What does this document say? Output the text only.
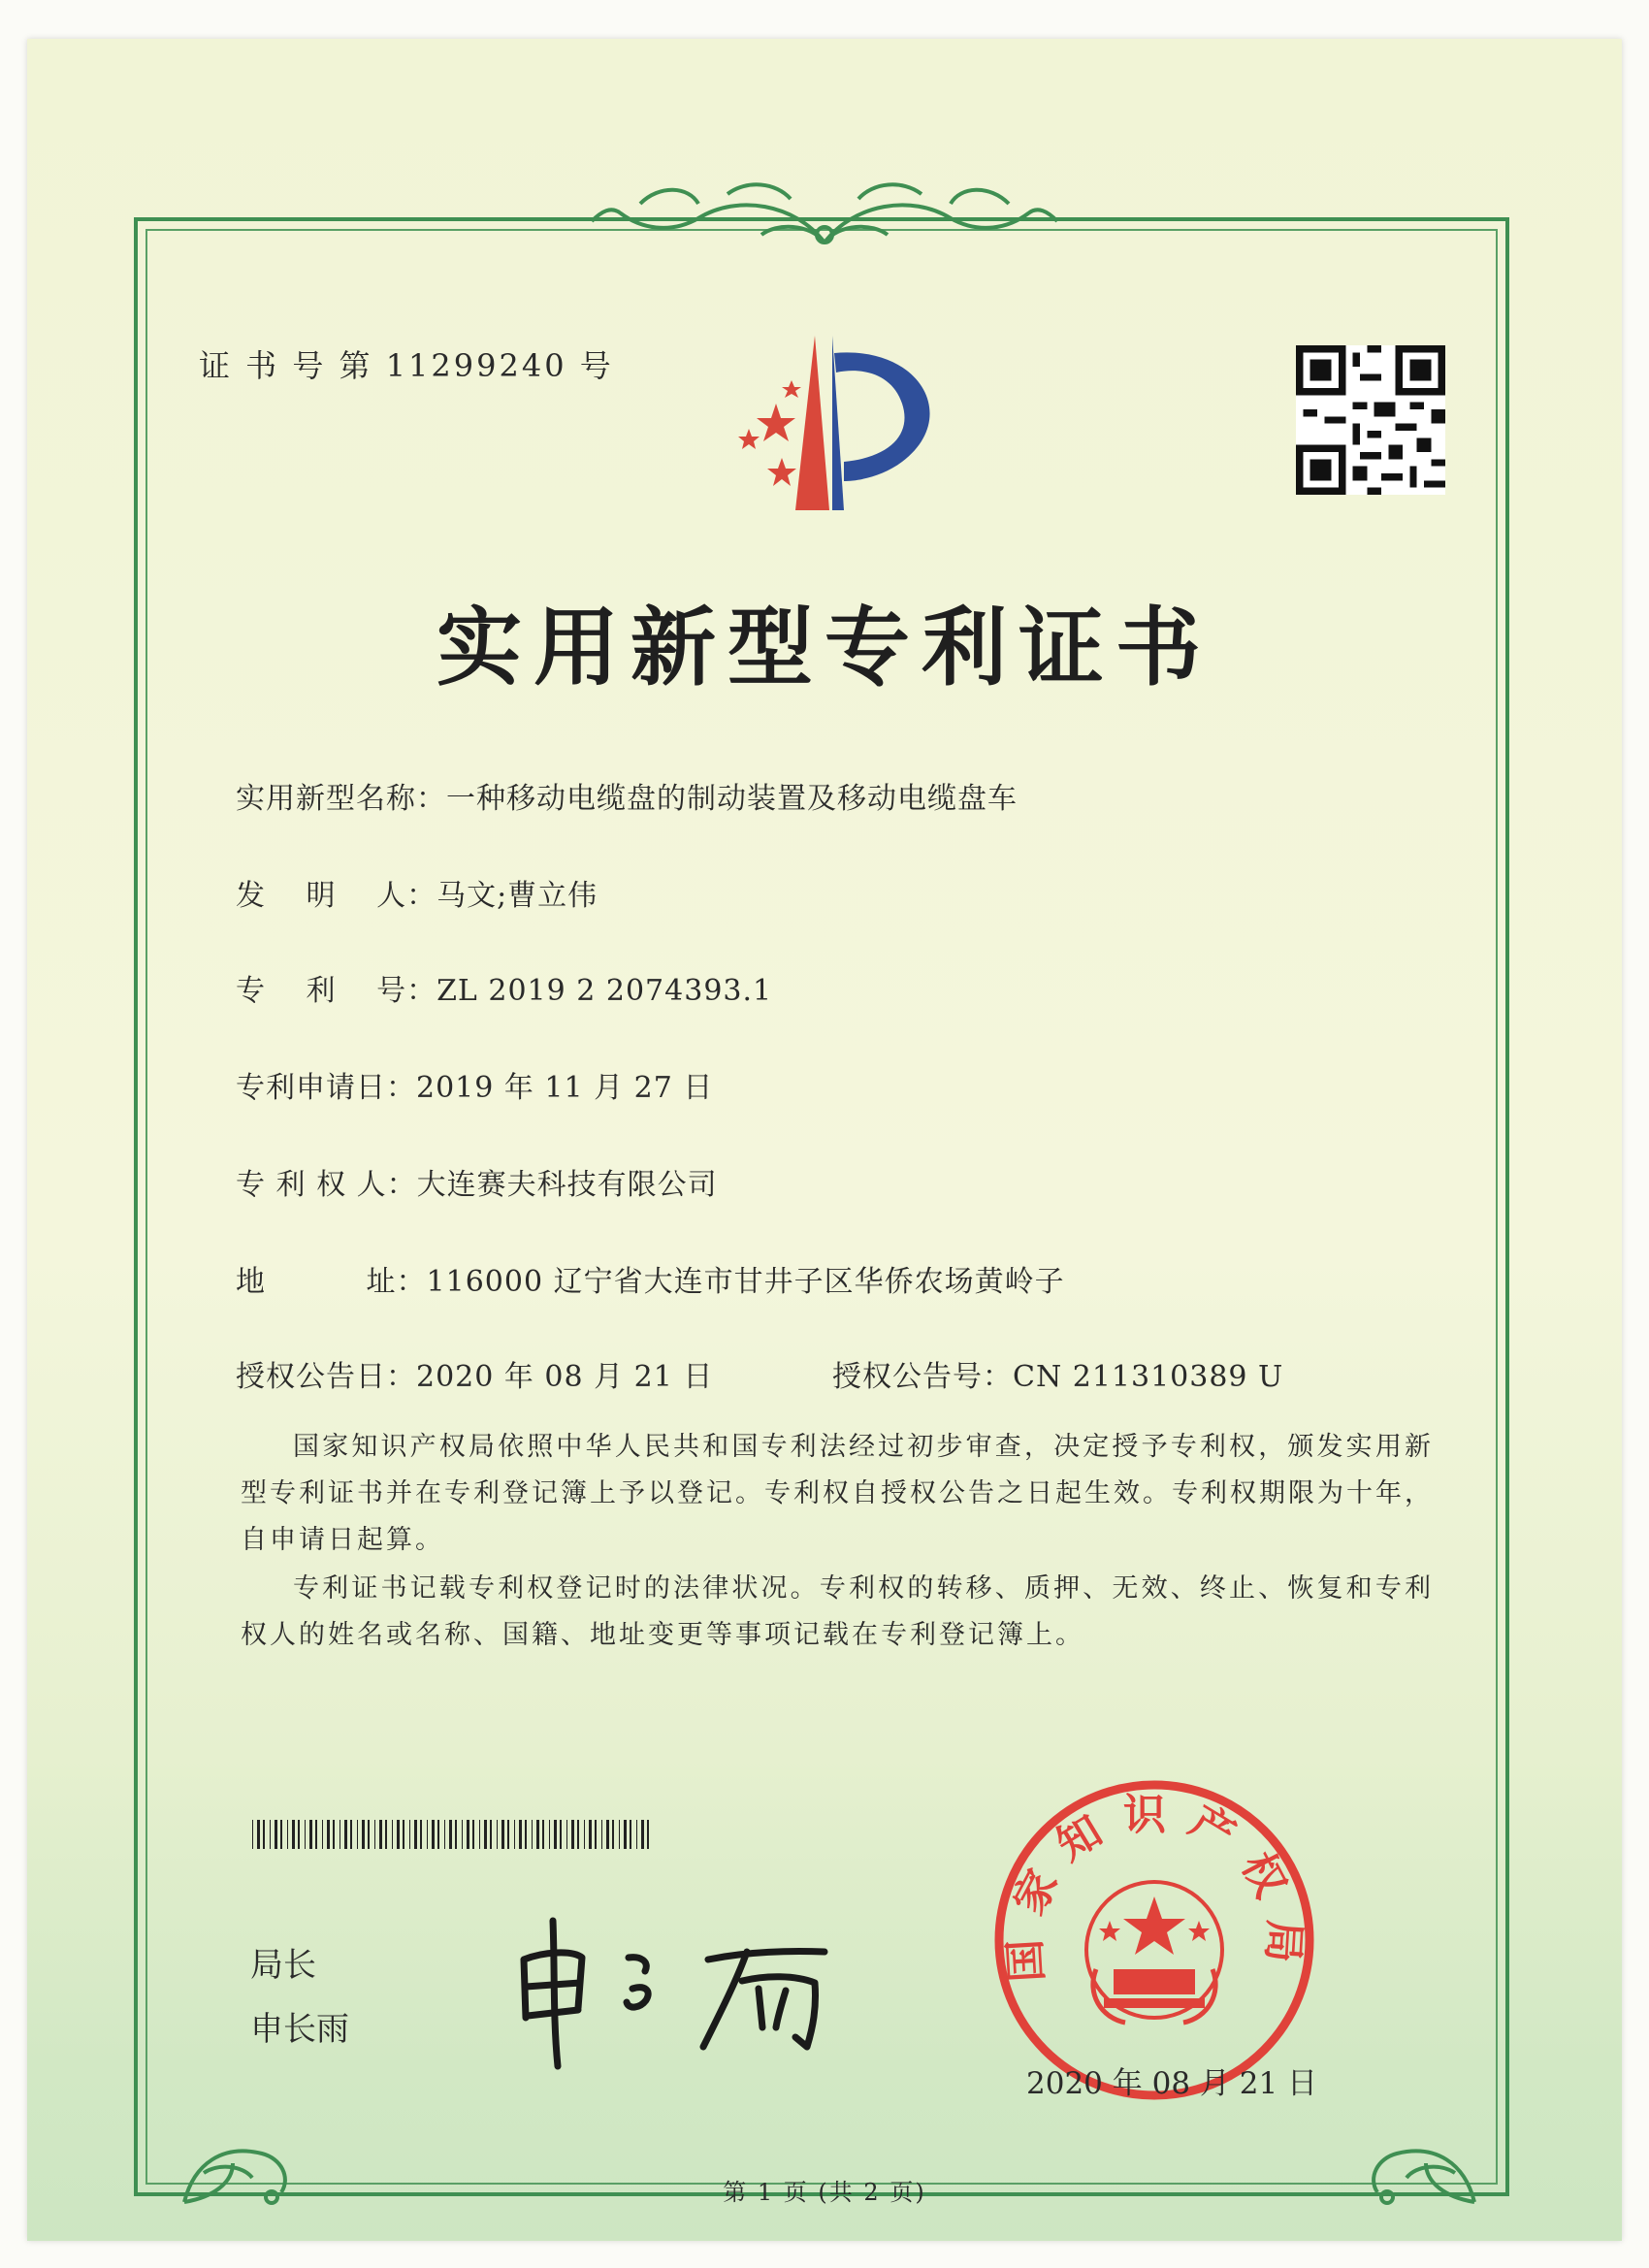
证 书 号 第 11299240 号
实用新型专利证书
实用新型名称：一种移动电缆盘的制动装置及移动电缆盘车
发　 明　 人：马文;曹立伟
专　 利　 号：ZL 2019 2 2074393.1
专利申请日：2019 年 11 月 27 日
专 利 权 人：大连赛夫科技有限公司
地　　　 址：116000 辽宁省大连市甘井子区华侨农场黄岭子
授权公告日：2020 年 08 月 21 日	授权公告号：CN 211310389 U
国家知识产权局依照中华人民共和国专利法经过初步审查，决定授予专利权，颁发实用新型专利证书并在专利登记簿上予以登记。专利权自授权公告之日起生效。专利权期限为十年，自申请日起算。
专利证书记载专利权登记时的法律状况。专利权的转移、质押、无效、终止、恢复和专利权人的姓名或名称、国籍、地址变更等事项记载在专利登记簿上。
局长
申长雨
国家知识产权局
2020 年 08 月 21 日
第 1 页 (共 2 页)
